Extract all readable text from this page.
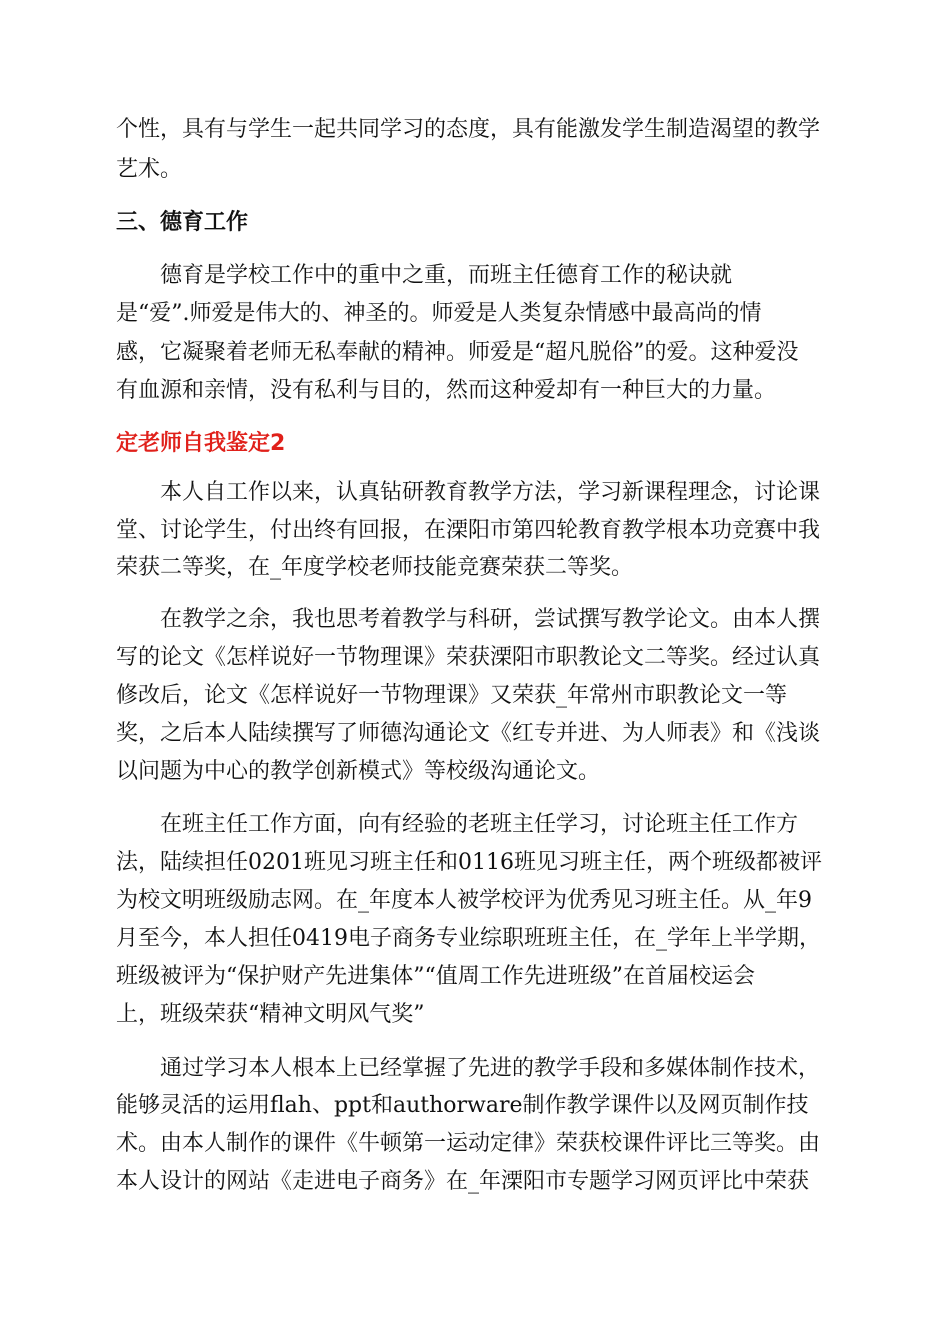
个性，具有与学生一起共同学习的态度，具有能激发学生制造渴望的教学
艺术。
三、德育工作
德育是学校工作中的重中之重，而班主任德育工作的秘诀就
是“爱”.师爱是伟大的、神圣的。师爱是人类复杂情感中最高尚的情
感，它凝聚着老师无私奉献的精神。师爱是“超凡脱俗”的爱。这种爱没
有血源和亲情，没有私利与目的，然而这种爱却有一种巨大的力量。
定老师自我鉴定2
本人自工作以来，认真钻研教育教学方法，学习新课程理念，讨论课
堂、讨论学生，付出终有回报，在溧阳市第四轮教育教学根本功竞赛中我
荣获二等奖，在_年度学校老师技能竞赛荣获二等奖。
在教学之余，我也思考着教学与科研，尝试撰写教学论文。由本人撰
写的论文《怎样说好一节物理课》荣获溧阳市职教论文二等奖。经过认真
修改后，论文《怎样说好一节物理课》又荣获_年常州市职教论文一等
奖，之后本人陆续撰写了师德沟通论文《红专并进、为人师表》和《浅谈
以问题为中心的教学创新模式》等校级沟通论文。
在班主任工作方面，向有经验的老班主任学习，讨论班主任工作方
法，陆续担任0201班见习班主任和0116班见习班主任，两个班级都被评
为校文明班级励志网。在_年度本人被学校评为优秀见习班主任。从_年9
月至今，本人担任0419电子商务专业综职班班主任，在_学年上半学期，
班级被评为“保护财产先进集体”“值周工作先进班级”在首届校运会
上，班级荣获“精神文明风气奖”
通过学习本人根本上已经掌握了先进的教学手段和多媒体制作技术，
能够灵活的运用flah、ppt和authorware制作教学课件以及网页制作技
术。由本人制作的课件《牛顿第一运动定律》荣获校课件评比三等奖。由
本人设计的网站《走进电子商务》在_年溧阳市专题学习网页评比中荣获
